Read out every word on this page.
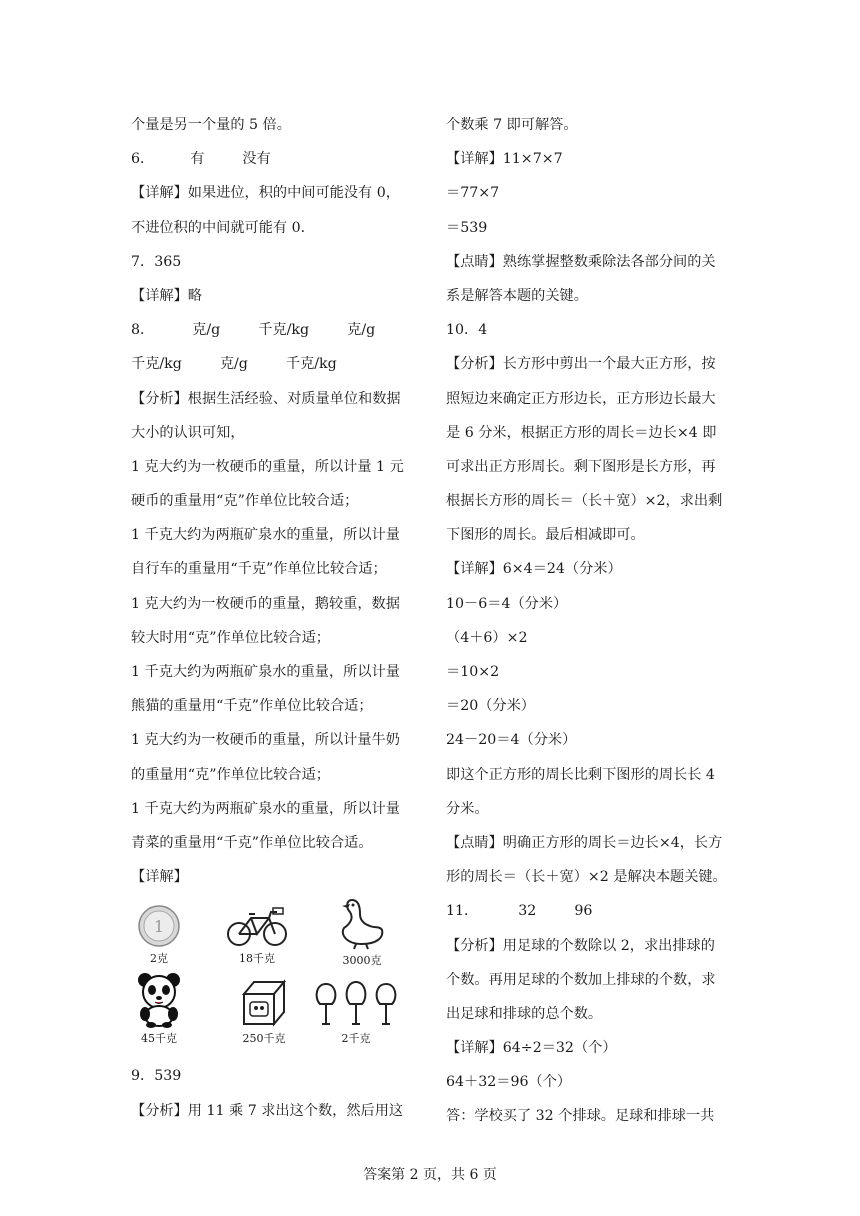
个量是另一个量的 5 倍。
6．	有	没有
【详解】如果进位，积的中间可能没有 0，
不进位积的中间就可能有 0．
7．365
【详解】略
8．	克/g	千克/kg	克/g
千克/kg	克/g	千克/kg
【分析】根据生活经验、对质量单位和数据
大小的认识可知，
1 克大约为一枚硬币的重量，所以计量 1 元
硬币的重量用“克”作单位比较合适；
1 千克大约为两瓶矿泉水的重量，所以计量
自行车的重量用“千克”作单位比较合适；
1 克大约为一枚硬币的重量，鹅较重，数据
较大时用“克”作单位比较合适；
1 千克大约为两瓶矿泉水的重量，所以计量
熊猫的重量用“千克”作单位比较合适；
1 克大约为一枚硬币的重量，所以计量牛奶
的重量用“克”作单位比较合适；
1 千克大约为两瓶矿泉水的重量，所以计量
青菜的重量用“千克”作单位比较合适。
【详解】
1
2克	18千克	3000克
45千克	250千克	2千克
9．539
【分析】用 11 乘 7 求出这个数，然后用这
个数乘 7 即可解答。
【详解】11×7×7
＝77×7
＝539
【点睛】熟练掌握整数乘除法各部分间的关
系是解答本题的关键。
10．4
【分析】长方形中剪出一个最大正方形，按
照短边来确定正方形边长，正方形边长最大
是 6 分米，根据正方形的周长＝边长×4 即
可求出正方形周长。剩下图形是长方形，再
根据长方形的周长＝（长＋宽）×2，求出剩
下图形的周长。最后相减即可。
【详解】6×4＝24（分米）
10－6＝4（分米）
（4＋6）×2
＝10×2
＝20（分米）
24－20＝4（分米）
即这个正方形的周长比剩下图形的周长长 4
分米。
【点睛】明确正方形的周长＝边长×4，长方
形的周长＝（长＋宽）×2 是解决本题关键。
11．	32	96
【分析】用足球的个数除以 2，求出排球的
个数。再用足球的个数加上排球的个数，求
出足球和排球的总个数。
【详解】64÷2＝32（个）
64＋32＝96（个）
答：学校买了 32 个排球。足球和排球一共
答案第 2 页，共 6 页
